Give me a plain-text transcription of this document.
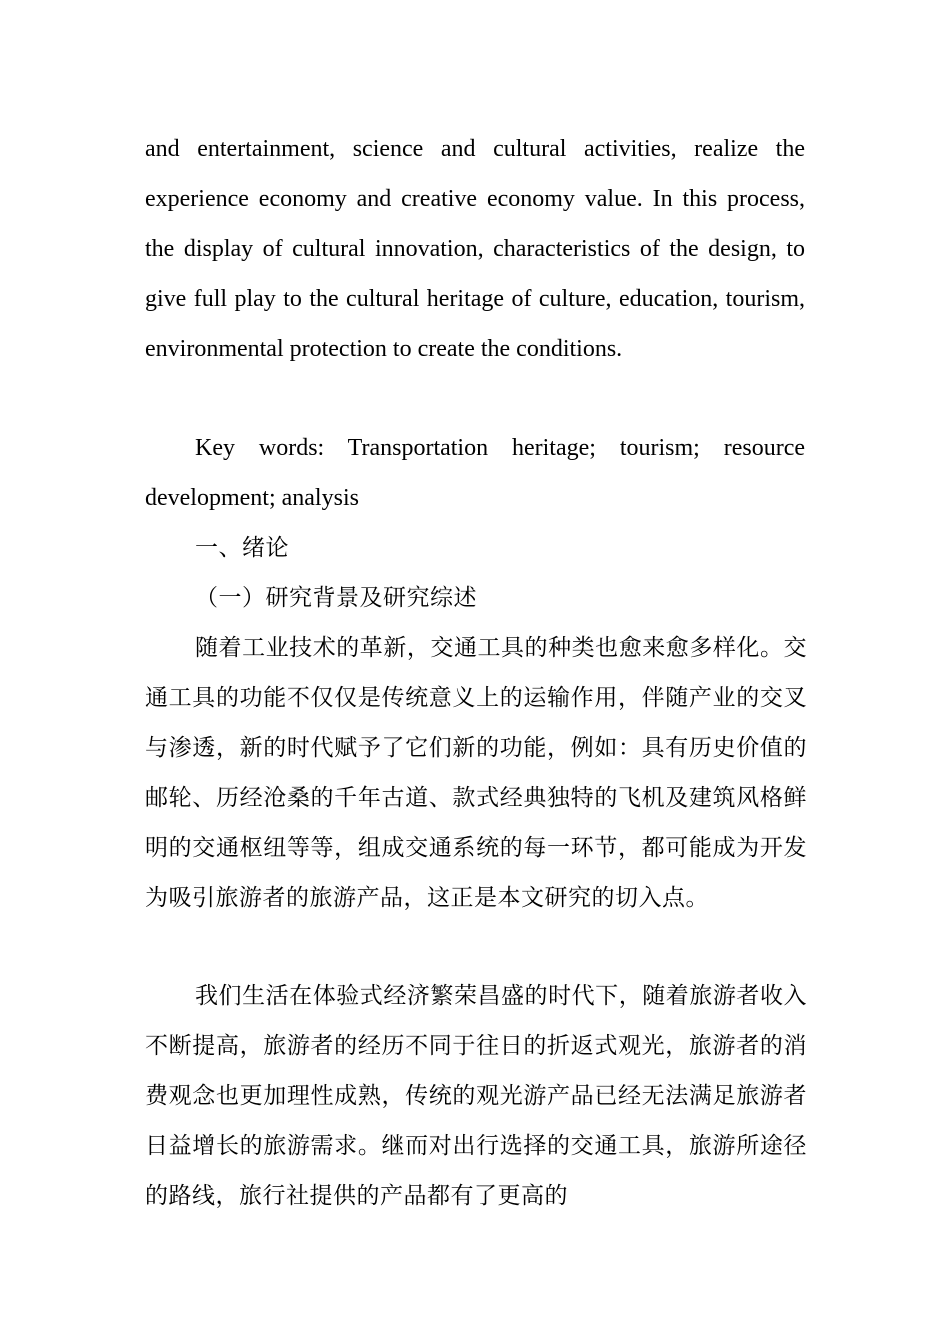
and entertainment, science and cultural activities, realize the experience economy and creative economy value. In this process, the display of cultural innovation, characteristics of the design, to give full play to the cultural heritage of culture, education, tourism, environmental protection to create the conditions.

Key words: Transportation heritage; tourism; resource development; analysis

一、绪论

（一）研究背景及研究综述

随着工业技术的革新，交通工具的种类也愈来愈多样化。交通工具的功能不仅仅是传统意义上的运输作用，伴随产业的交叉与渗透，新的时代赋予了它们新的功能，例如：具有历史价值的邮轮、历经沧桑的千年古道、款式经典独特的飞机及建筑风格鲜明的交通枢纽等等，组成交通系统的每一环节，都可能成为开发为吸引旅游者的旅游产品，这正是本文研究的切入点。

我们生活在体验式经济繁荣昌盛的时代下，随着旅游者收入不断提高，旅游者的经历不同于往日的折返式观光，旅游者的消费观念也更加理性成熟，传统的观光游产品已经无法满足旅游者日益增长的旅游需求。继而对出行选择的交通工具，旅游所途径的路线，旅行社提供的产品都有了更高的
